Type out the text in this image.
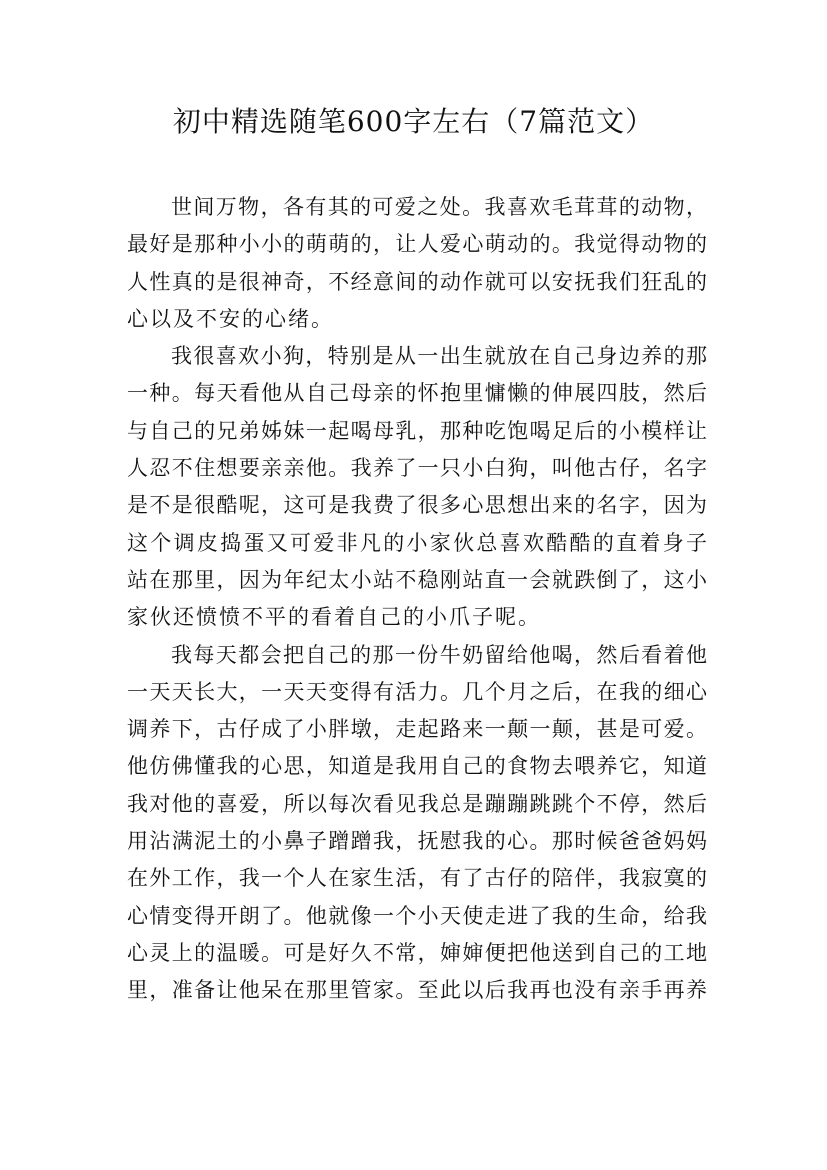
初中精选随笔600字左右（7篇范文）
世间万物，各有其的可爱之处。我喜欢毛茸茸的动物，
最好是那种小小的萌萌的，让人爱心萌动的。我觉得动物的
人性真的是很神奇，不经意间的动作就可以安抚我们狂乱的
心以及不安的心绪。
我很喜欢小狗，特别是从一出生就放在自己身边养的那
一种。每天看他从自己母亲的怀抱里慵懒的伸展四肢，然后
与自己的兄弟姊妹一起喝母乳，那种吃饱喝足后的小模样让
人忍不住想要亲亲他。我养了一只小白狗，叫他古仔，名字
是不是很酷呢，这可是我费了很多心思想出来的名字，因为
这个调皮捣蛋又可爱非凡的小家伙总喜欢酷酷的直着身子
站在那里，因为年纪太小站不稳刚站直一会就跌倒了，这小
家伙还愤愤不平的看着自己的小爪子呢。
我每天都会把自己的那一份牛奶留给他喝，然后看着他
一天天长大，一天天变得有活力。几个月之后，在我的细心
调养下，古仔成了小胖墩，走起路来一颠一颠，甚是可爱。
他仿佛懂我的心思，知道是我用自己的食物去喂养它，知道
我对他的喜爱，所以每次看见我总是蹦蹦跳跳个不停，然后
用沾满泥土的小鼻子蹭蹭我，抚慰我的心。那时候爸爸妈妈
在外工作，我一个人在家生活，有了古仔的陪伴，我寂寞的
心情变得开朗了。他就像一个小天使走进了我的生命，给我
心灵上的温暖。可是好久不常，婶婶便把他送到自己的工地
里，准备让他呆在那里管家。至此以后我再也没有亲手再养
